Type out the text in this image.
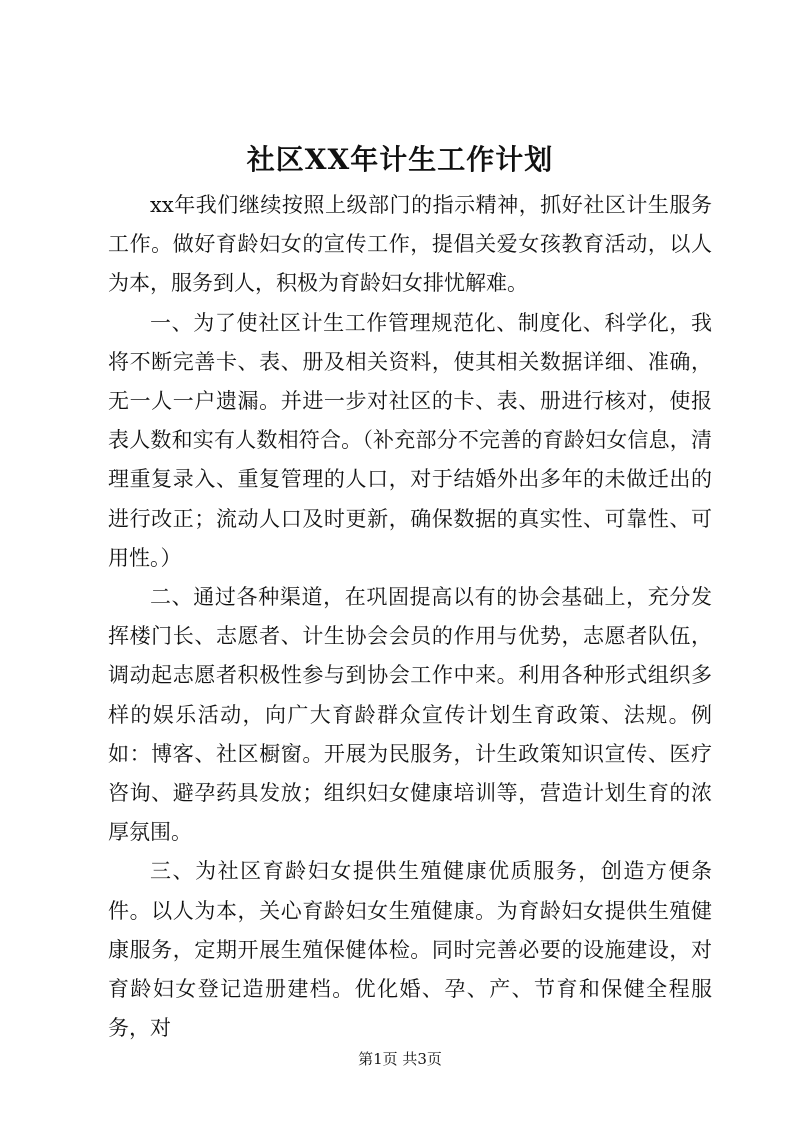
社区XX年计生工作计划

xx年我们继续按照上级部门的指示精神，抓好社区计生服务工作。做好育龄妇女的宣传工作，提倡关爱女孩教育活动，以人为本，服务到人，积极为育龄妇女排忧解难。

一、为了使社区计生工作管理规范化、制度化、科学化，我将不断完善卡、表、册及相关资料，使其相关数据详细、准确，无一人一户遗漏。并进一步对社区的卡、表、册进行核对，使报表人数和实有人数相符合。（补充部分不完善的育龄妇女信息，清理重复录入、重复管理的人口，对于结婚外出多年的未做迁出的进行改正；流动人口及时更新，确保数据的真实性、可靠性、可用性。）

二、通过各种渠道，在巩固提高以有的协会基础上，充分发挥楼门长、志愿者、计生协会会员的作用与优势，志愿者队伍，调动起志愿者积极性参与到协会工作中来。利用各种形式组织多样的娱乐活动，向广大育龄群众宣传计划生育政策、法规。例如：博客、社区橱窗。开展为民服务，计生政策知识宣传、医疗咨询、避孕药具发放；组织妇女健康培训等，营造计划生育的浓厚氛围。

三、为社区育龄妇女提供生殖健康优质服务，创造方便条件。以人为本，关心育龄妇女生殖健康。为育龄妇女提供生殖健康服务，定期开展生殖保健体检。同时完善必要的设施建设，对育龄妇女登记造册建档。优化婚、孕、产、节育和保健全程服务，对

第1页 共3页
